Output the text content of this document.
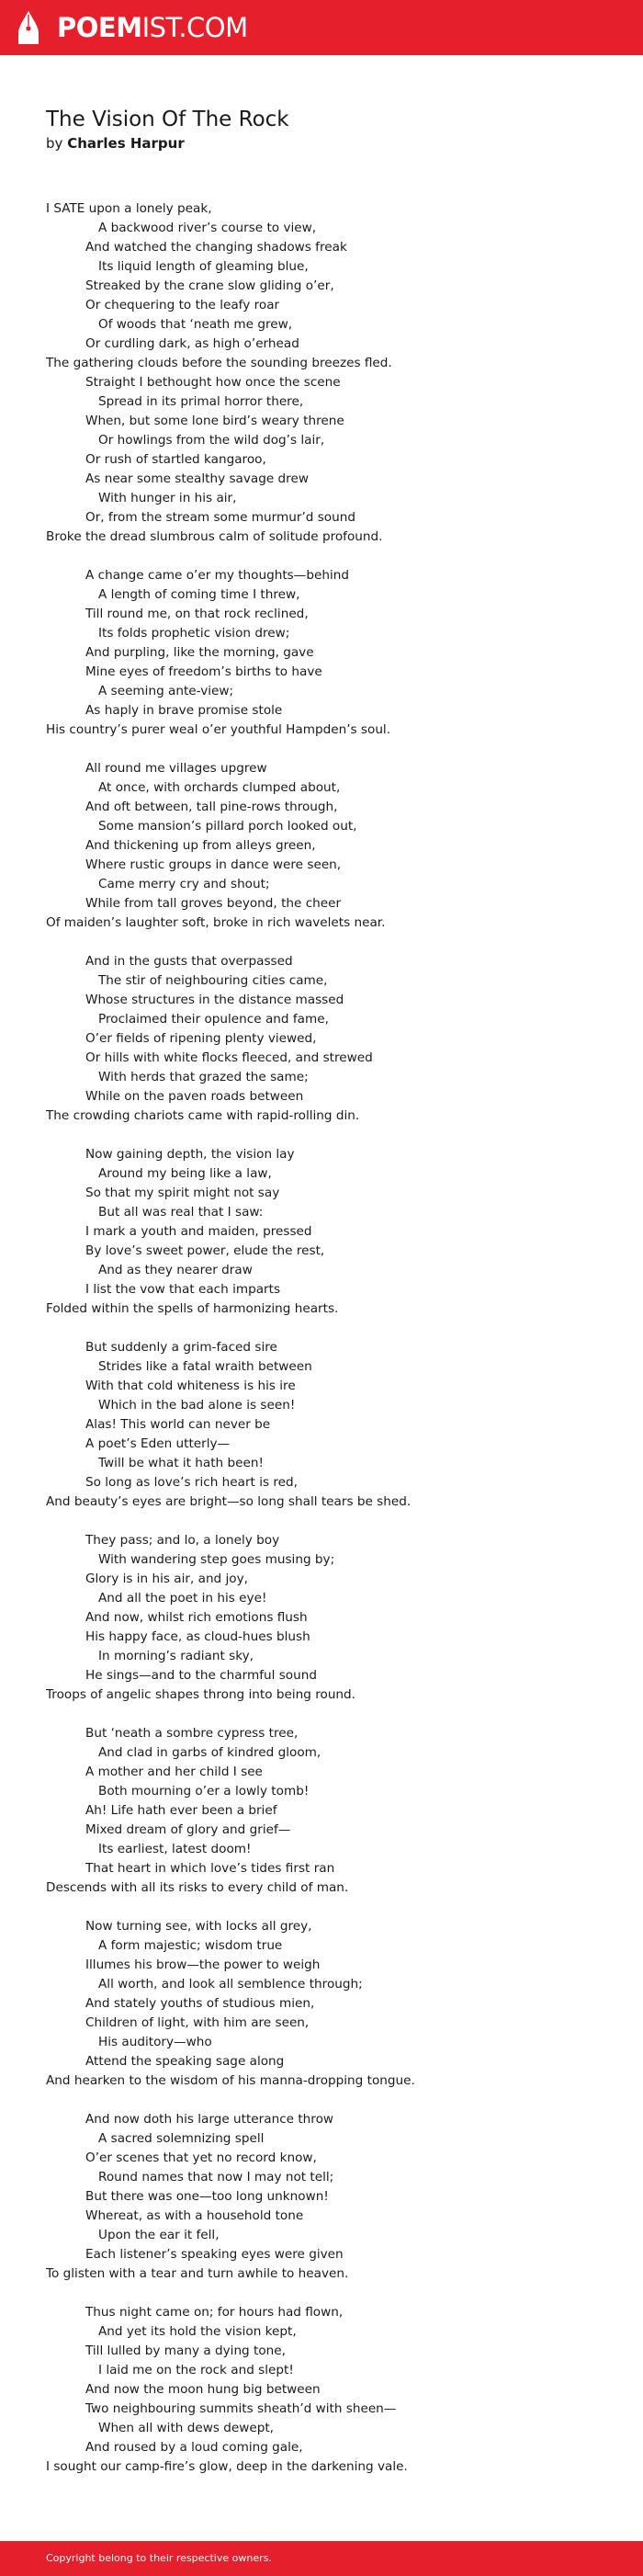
POEMIST.COM
The Vision Of The Rock
by Charles Harpur
I SATE upon a lonely peak,
A backwood river’s course to view,
And watched the changing shadows freak
Its liquid length of gleaming blue,
Streaked by the crane slow gliding o’er,
Or chequering to the leafy roar
Of woods that ‘neath me grew,
Or curdling dark, as high o’erhead
The gathering clouds before the sounding breezes fled.
Straight I bethought how once the scene
Spread in its primal horror there,
When, but some lone bird’s weary threne
Or howlings from the wild dog’s lair,
Or rush of startled kangaroo,
As near some stealthy savage drew
With hunger in his air,
Or, from the stream some murmur’d sound
Broke the dread slumbrous calm of solitude profound.
A change came o’er my thoughts—behind
A length of coming time I threw,
Till round me, on that rock reclined,
Its folds prophetic vision drew;
And purpling, like the morning, gave
Mine eyes of freedom’s births to have
A seeming ante-view;
As haply in brave promise stole
His country’s purer weal o’er youthful Hampden’s soul.
All round me villages upgrew
At once, with orchards clumped about,
And oft between, tall pine-rows through,
Some mansion’s pillard porch looked out,
And thickening up from alleys green,
Where rustic groups in dance were seen,
Came merry cry and shout;
While from tall groves beyond, the cheer
Of maiden’s laughter soft, broke in rich wavelets near.
And in the gusts that overpassed
The stir of neighbouring cities came,
Whose structures in the distance massed
Proclaimed their opulence and fame,
O’er fields of ripening plenty viewed,
Or hills with white flocks fleeced, and strewed
With herds that grazed the same;
While on the paven roads between
The crowding chariots came with rapid-rolling din.
Now gaining depth, the vision lay
Around my being like a law,
So that my spirit might not say
But all was real that I saw:
I mark a youth and maiden, pressed
By love’s sweet power, elude the rest,
And as they nearer draw
I list the vow that each imparts
Folded within the spells of harmonizing hearts.
But suddenly a grim-faced sire
Strides like a fatal wraith between
With that cold whiteness is his ire
Which in the bad alone is seen!
Alas! This world can never be
A poet’s Eden utterly—
Twill be what it hath been!
So long as love’s rich heart is red,
And beauty’s eyes are bright—so long shall tears be shed.
They pass; and lo, a lonely boy
With wandering step goes musing by;
Glory is in his air, and joy,
And all the poet in his eye!
And now, whilst rich emotions flush
His happy face, as cloud-hues blush
In morning’s radiant sky,
He sings—and to the charmful sound
Troops of angelic shapes throng into being round.
But ‘neath a sombre cypress tree,
And clad in garbs of kindred gloom,
A mother and her child I see
Both mourning o’er a lowly tomb!
Ah! Life hath ever been a brief
Mixed dream of glory and grief—
Its earliest, latest doom!
That heart in which love’s tides first ran
Descends with all its risks to every child of man.
Now turning see, with locks all grey,
A form majestic; wisdom true
Illumes his brow—the power to weigh
All worth, and look all semblence through;
And stately youths of studious mien,
Children of light, with him are seen,
His auditory—who
Attend the speaking sage along
And hearken to the wisdom of his manna-dropping tongue.
And now doth his large utterance throw
A sacred solemnizing spell
O’er scenes that yet no record know,
Round names that now I may not tell;
But there was one—too long unknown!
Whereat, as with a household tone
Upon the ear it fell,
Each listener’s speaking eyes were given
To glisten with a tear and turn awhile to heaven.
Thus night came on; for hours had flown,
And yet its hold the vision kept,
Till lulled by many a dying tone,
I laid me on the rock and slept!
And now the moon hung big between
Two neighbouring summits sheath’d with sheen—
When all with dews dewept,
And roused by a loud coming gale,
I sought our camp-fire’s glow, deep in the darkening vale.
Copyright belong to their respective owners.
